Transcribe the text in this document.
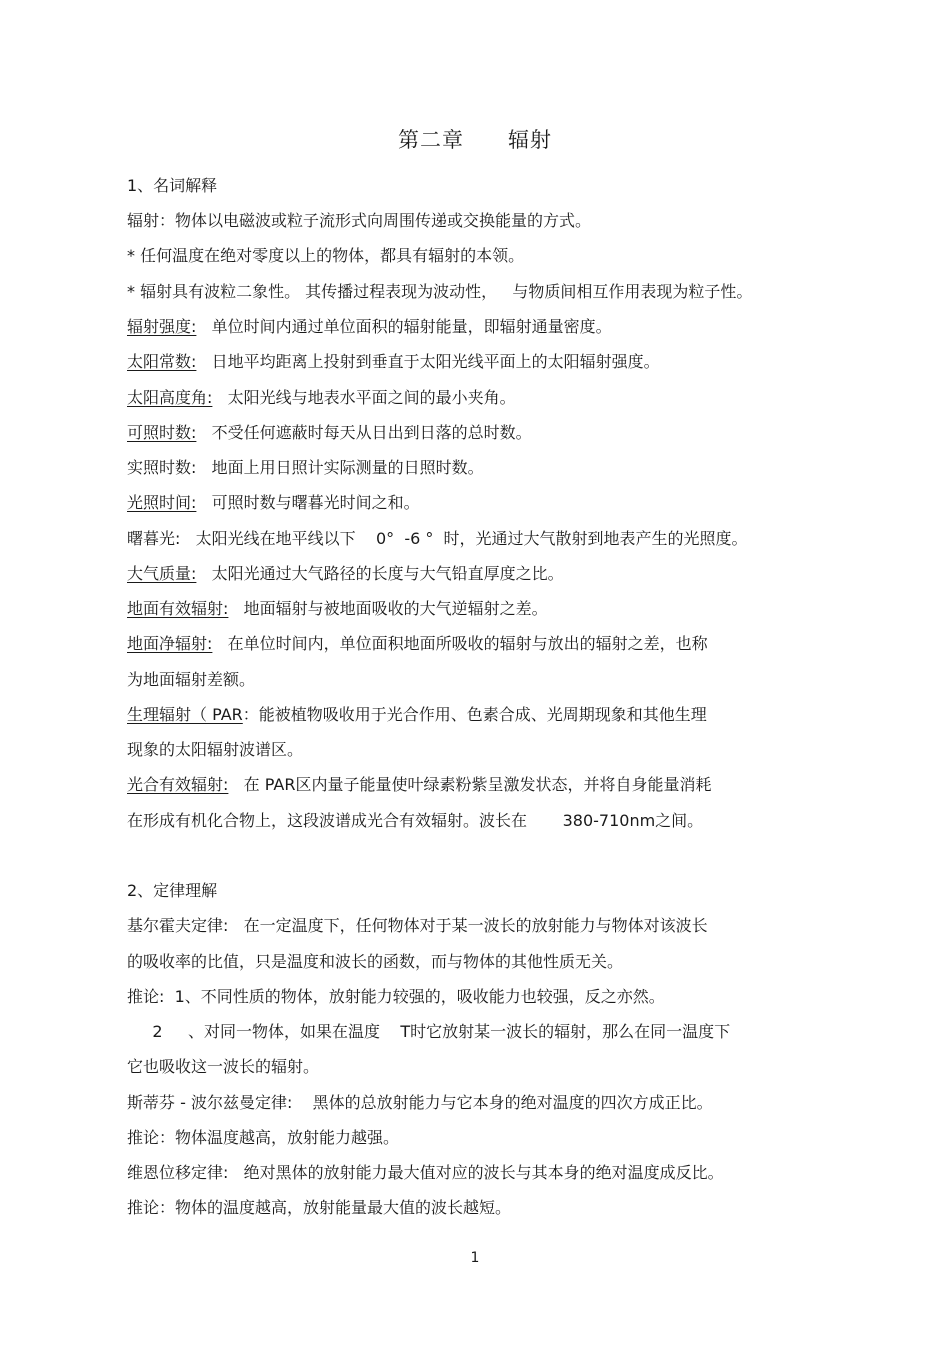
第二章　　辐射
1、名词解释
辐射：物体以电磁波或粒子流形式向周围传递或交换能量的方式。
* 任何温度在绝对零度以上的物体，都具有辐射的本领。
* 辐射具有波粒二象性。 其传播过程表现为波动性，   与物质间相互作用表现为粒子性。
辐射强度:   单位时间内通过单位面积的辐射能量，即辐射通量密度。
太阳常数:   日地平均距离上投射到垂直于太阳光线平面上的太阳辐射强度。
太阳高度角:   太阳光线与地表水平面之间的最小夹角。
可照时数:   不受任何遮蔽时每天从日出到日落的总时数。
实照时数:   地面上用日照计实际测量的日照时数。
光照时间:   可照时数与曙暮光时间之和。
曙暮光:   太阳光线在地平线以下    0°  -6 °  时，光通过大气散射到地表产生的光照度。
大气质量:   太阳光通过大气路径的长度与大气铅直厚度之比。
地面有效辐射:   地面辐射与被地面吸收的大气逆辐射之差。
地面净辐射:   在单位时间内，单位面积地面所吸收的辐射与放出的辐射之差，也称
为地面辐射差额。
生理辐射（ PAR：能被植物吸收用于光合作用、色素合成、光周期现象和其他生理
现象的太阳辐射波谱区。
光合有效辐射:   在 PAR区内量子能量使叶绿素粉紫呈激发状态，并将自身能量消耗
在形成有机化合物上，这段波谱成光合有效辐射。波长在       380-710nm之间。
2、定律理解
基尔霍夫定律:   在一定温度下，任何物体对于某一波长的放射能力与物体对该波长
的吸收率的比值，只是温度和波长的函数，而与物体的其他性质无关。
推论:  1、不同性质的物体，放射能力较强的，吸收能力也较强，反之亦然。
2     、对同一物体，如果在温度    T时它放射某一波长的辐射，那么在同一温度下
它也吸收这一波长的辐射。
斯蒂芬 - 波尔兹曼定律:    黑体的总放射能力与它本身的绝对温度的四次方成正比。
推论：物体温度越高，放射能力越强。
维恩位移定律:   绝对黑体的放射能力最大值对应的波长与其本身的绝对温度成反比。
推论：物体的温度越高，放射能量最大值的波长越短。
1
